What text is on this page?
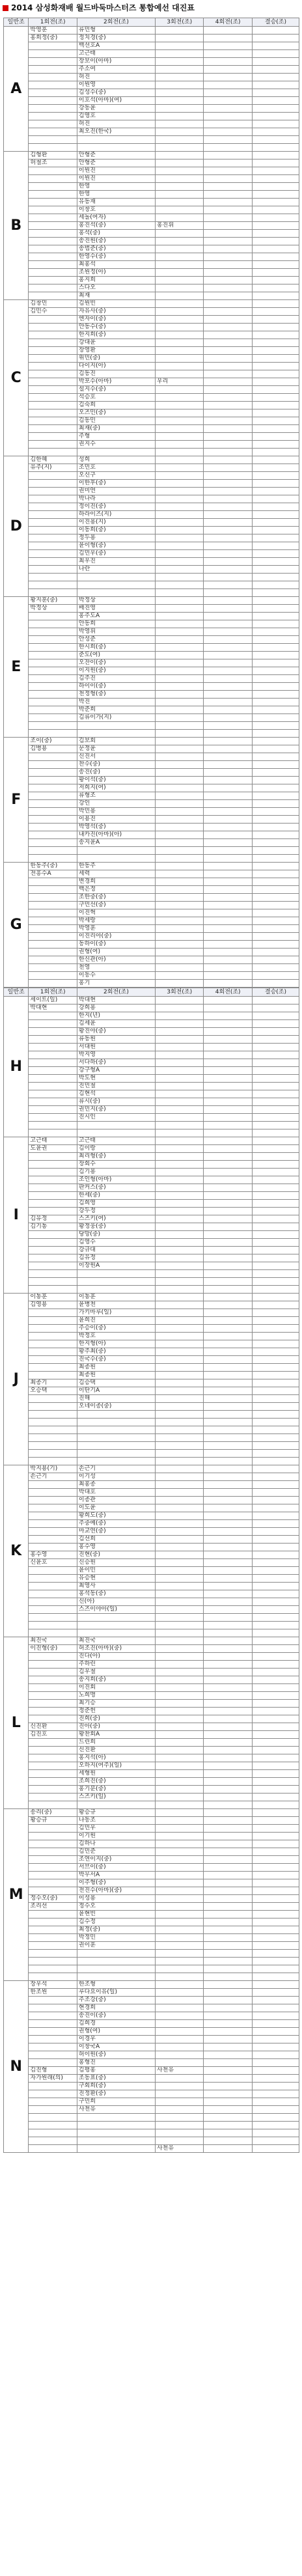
2014 삼성화재배 월드바둑마스터즈 통합예선 대진표
일반조	1회전(조)	2회전(조)	3회전(조)	4회전(조)	결승(조)
A	박영훈	류민형			
	홍희정(중)	정치경(중)			
		백선호A			
		고근태			
		장보이(아마)			
		주소여			
		허진			
		이원영			
		김성수(중)			
		이호석(아마)(여)			
		강동윤			
		김영호			
		허진			
		최오진(한국)			

B	김형환	안형준			
	허철조	안형준			
		이원진			
		이원진			
		한영			
		한영			
		유동재			
		이창호			
		세돌(여자)			
		홍진석(중)	홍진휘		
		홍석(중)			
		송진원(중)			
		송범준(중)			
		한영수(중)			
		최홍석			
		조원정(아)			
		홍지희			
		스다오			
		최재			
C	김창민	김원빈			
	김민수	자유사(중)			
		엔자이(중)			
		안동수(중)			
		한지희(중)			
		강대윤			
		장영환			
		위민(중)			
		다이지(아)			
		김동진			
		박포수(아마)	우리		
		설지수(중)			
		석승호			
		김숙희			
		오즈민(중)			
		김동민			
		최재(중)			
		주형			
		권지수			

D	김한혜	성희			
	유주(지)	조민호			
		오신구			
		이한후(중)			
		권미연			
		박나라			
		정이진(중)			
		하라이즈(지)			
		이진용(지)			
		이동희(중)			
		정두용			
		윤이형(중)			
		김민우(중)			
		최우진			
		나란			

E	황지훈(중)	박정상			
	박정상	배진영			
		홍주도A			
		안동희			
		박영휘			
		안성준			
		한시희(중)			
		준도(여)			
		오잔이(중)			
		이지원(중)			
		김주진			
		하이이(중)			
		천정형(중)			
		박진			
		박준희			
		김류이가(지)			

F	조이(중)	김보회			
	김병용	문정윤			
		신진서			
		찬수(중)			
		송진(중)			
		황이석(중)			
		저희지(여)			
		류형조			
		강인			
		박민용			
		이용진			
		박영석(중)			
		내카진(아마)(아)			
		송지윤A			

G	한동주(중)	한동주			
	전흥수A	세력			
		변경희			
		백은정			
		조한중(중)			
		구민선(중)			
		이진혁			
		박세랑			
		박영훈			
		이진리아(중)			
		동하이(중)			
		권형(여)			
		한신관(아)			
		천영			
		이동수			
		홍기			
일반조	1회전(조)	2회전(조)	3회전(조)	4회전(조)	결승(조)
H	세이트(일)	박대현			
	박대현	강희용			
		한지(년)			
		김세윤			
		황진야(중)			
		류동원			
		서대원			
		박지영			
		서다하(중)			
		강구형A			
		박도현			
		진민철			
		김현석			
		류시(중)			
		권민지(중)			
		진시인			

I	고근태	고근태			
	도윤권	김이랑			
		최리형(중)			
		장회수			
		김기용			
		조인형(아마)			
		판커스(중)			
		한세(중)			
		김희영			
		강두정			
	김유정	스즈키(여)			
	김기통	황정웅(중)			
		당망(중)			
		김영수			
		강규대			
		김유정			
		이장원A			

J	이통훈	이통훈			
	김영용	윤병천			
		가키마루(일)			
		윤희진			
		주승이(중)			
		박정호			
		한지형(아)			
		황주최(중)			
		진국수(중)			
		최종원			
		최종원			
	최종기	김승택			
	오승택	이탄기A			
		진해			
		오네이종(중)			

K	박지용(기)	손근기			
	손근기	이기성			
		최홍종			
		박대호			
		이종관			
		이도윤			
		황희도(중)			
		주중예(중)			
		마교연(중)			
		김선희			
		홍수영			
	홍수영	진현(중)			
	신윤호	신승원			
		윤이민			
		유승현			
		최영사			
		홍석동(중)			
		신(아)			
		스즈이야아(일)			

L	최진국	최진국			
	이진형(중)	허조진(아마)(중)			
		진다(아)			
		주하린			
		김우철			
		송지희(중)			
		이진회			
		노희명			
		최기승			
		정준헌			
		진희(중)			
	신진환	진아(중)			
	김진호	황찬회A			
		드린희			
		신진환			
		홍지석(아)			
		오하지(여주)(일)			
		세형원			
		조희진(중)			
		홍기분(중)			
		스즈키(일)			

M	송리(중)	황승규			
	황승규	나동조			
		김민우			
		이기원			
		김하나			
		김민준			
		조연이지(중)			
		서브이(중)			
		박무서A			
		이주형(중)			
		전진수(아마)(중)			
	정수오(중)	이성용			
	조리선	정수오			
		윤현빈			
		김수정			
		최정(중)			
		박정민			
		권이훈			

N	장우석	한조형			
	한조원	루다요이유(일)			
		주조강(중)			
		현경희			
		송진이(중)			
		김희경			
		권형(여)			
		이경우			
		이창국A			
		허이원(중)			
		홍형진			
	김진형	김평홍	사천유		
	자가원래(의)	조동표(중)			
		구회희(중)			
		진정환(중)			
		구민희			
		사천유			

			사천유		
